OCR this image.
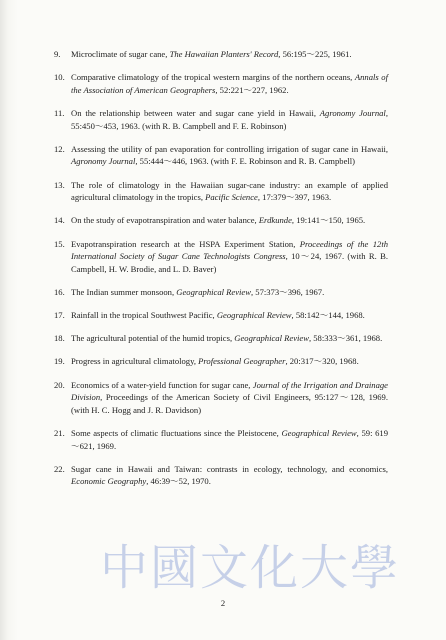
9. Microclimate of sugar cane, The Hawaiian Planters' Record, 56:195～225, 1961.
10. Comparative climatology of the tropical western margins of the northern oceans, Annals of the Association of American Geographers, 52:221～227, 1962.
11. On the relationship between water and sugar cane yield in Hawaii, Agronomy Journal, 55:450～453, 1963. (with R. B. Campbell and F. E. Robinson)
12. Assessing the utility of pan evaporation for controlling irrigation of sugar cane in Hawaii, Agronomy Journal, 55:444～446, 1963. (with F. E. Robinson and R. B. Campbell)
13. The role of climatology in the Hawaiian sugar-cane industry: an example of applied agricultural climatology in the tropics, Pacific Science, 17:379～397, 1963.
14. On the study of evapotranspiration and water balance, Erdkunde, 19:141～150, 1965.
15. Evapotranspiration research at the HSPA Experiment Station, Proceedings of the 12th International Society of Sugar Cane Technologists Congress, 10～24, 1967. (with R. B. Campbell, H. W. Brodie, and L. D. Baver)
16. The Indian summer monsoon, Geographical Review, 57:373～396, 1967.
17. Rainfall in the tropical Southwest Pacific, Geographical Review, 58:142～144, 1968.
18. The agricultural potential of the humid tropics, Geographical Review, 58:333～361, 1968.
19. Progress in agricultural climatology, Professional Geographer, 20:317～320, 1968.
20. Economics of a water-yield function for sugar cane, Journal of the Irrigation and Drainage Division, Proceedings of the American Society of Civil Engineers, 95:127～128, 1969. (with H. C. Hogg and J. R. Davidson)
21. Some aspects of climatic fluctuations since the Pleistocene, Geographical Review, 59: 619～621, 1969.
22. Sugar cane in Hawaii and Taiwan: contrasts in ecology, technology, and economics, Economic Geography, 46:39～52, 1970.
2
中國文化大學
